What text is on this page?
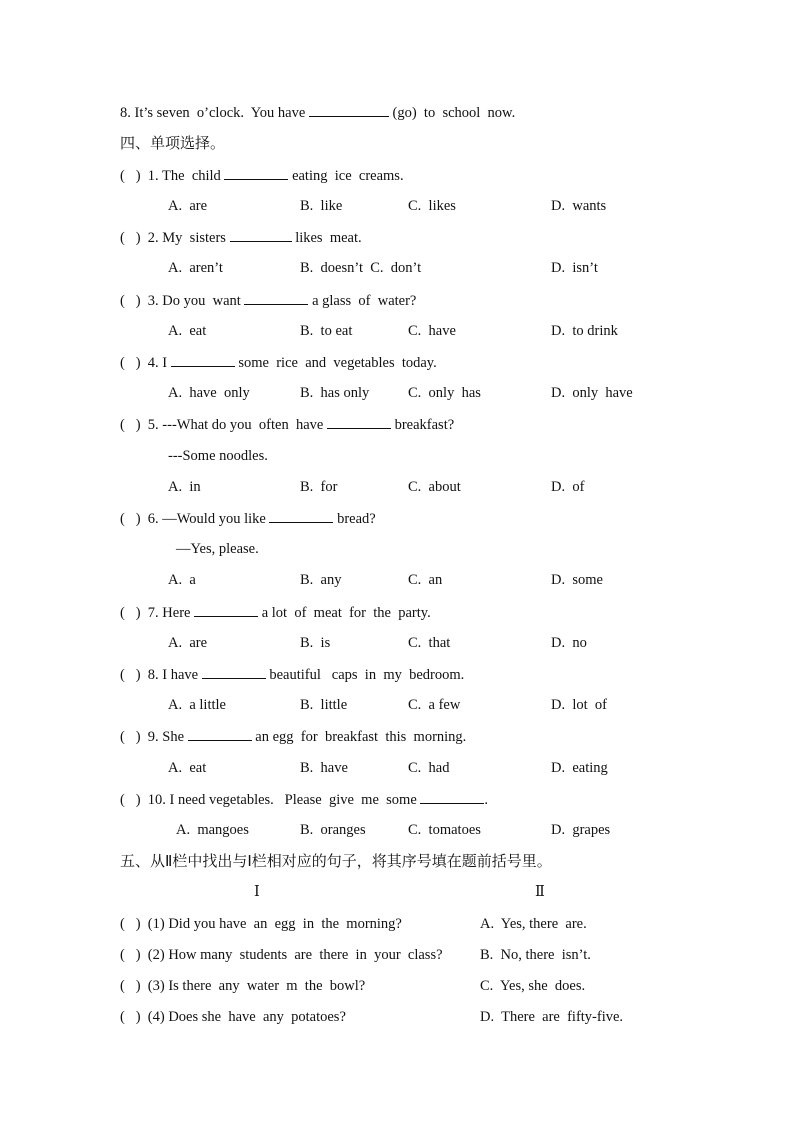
8. It’s seven  o’clock.  You have	(go)  to  school  now.
四、单项选择。
(   )  1. The  child	eating  ice  creams.
A.  are	B.  like	C.  likes	D.  wants
(   )  2. My  sisters	likes  meat.
A.  aren’t	B.  doesn’t  C.  don’t	D.  isn’t
(   )  3. Do you  want	a glass  of  water?
A.  eat	B.  to eat	C.  have	D.  to drink
(   )  4. I	some  rice  and  vegetables  today.
A.  have  only	B.  has only	C.  only  has	D.  only  have
(   )  5. ---What do you  often  have	breakfast?
---Some noodles.
A.  in	B.  for	C.  about	D.  of
(   )  6. —Would you like	bread?
—Yes, please.
A.  a	B.  any	C.  an	D.  some
(   )  7. Here	a lot  of  meat  for  the  party.
A.  are	B.  is	C.  that	D.  no
(   )  8. I have	beautiful   caps  in  my  bedroom.
A.  a little	B.  little	C.  a few	D.  lot  of
(   )  9. She	an egg  for  breakfast  this  morning.
A.  eat	B.  have	C.  had	D.  eating
(   )  10. I need vegetables.   Please  give  me  some	.
A.  mangoes	B.  oranges	C.  tomatoes	D.  grapes
五、从Ⅱ栏中找出与Ⅰ栏相对应的句子，将其序号填在题前括号里。
Ⅰ	Ⅱ
(   )  (1) Did you have  an  egg  in  the  morning?	A.  Yes, there  are.
(   )  (2) How many  students  are  there  in  your  class?	B.  No, there  isn’t.
(   )  (3) Is there  any  water  m  the  bowl?	C.  Yes, she  does.
(   )  (4) Does she  have  any  potatoes?	D.  There  are  fifty-five.
